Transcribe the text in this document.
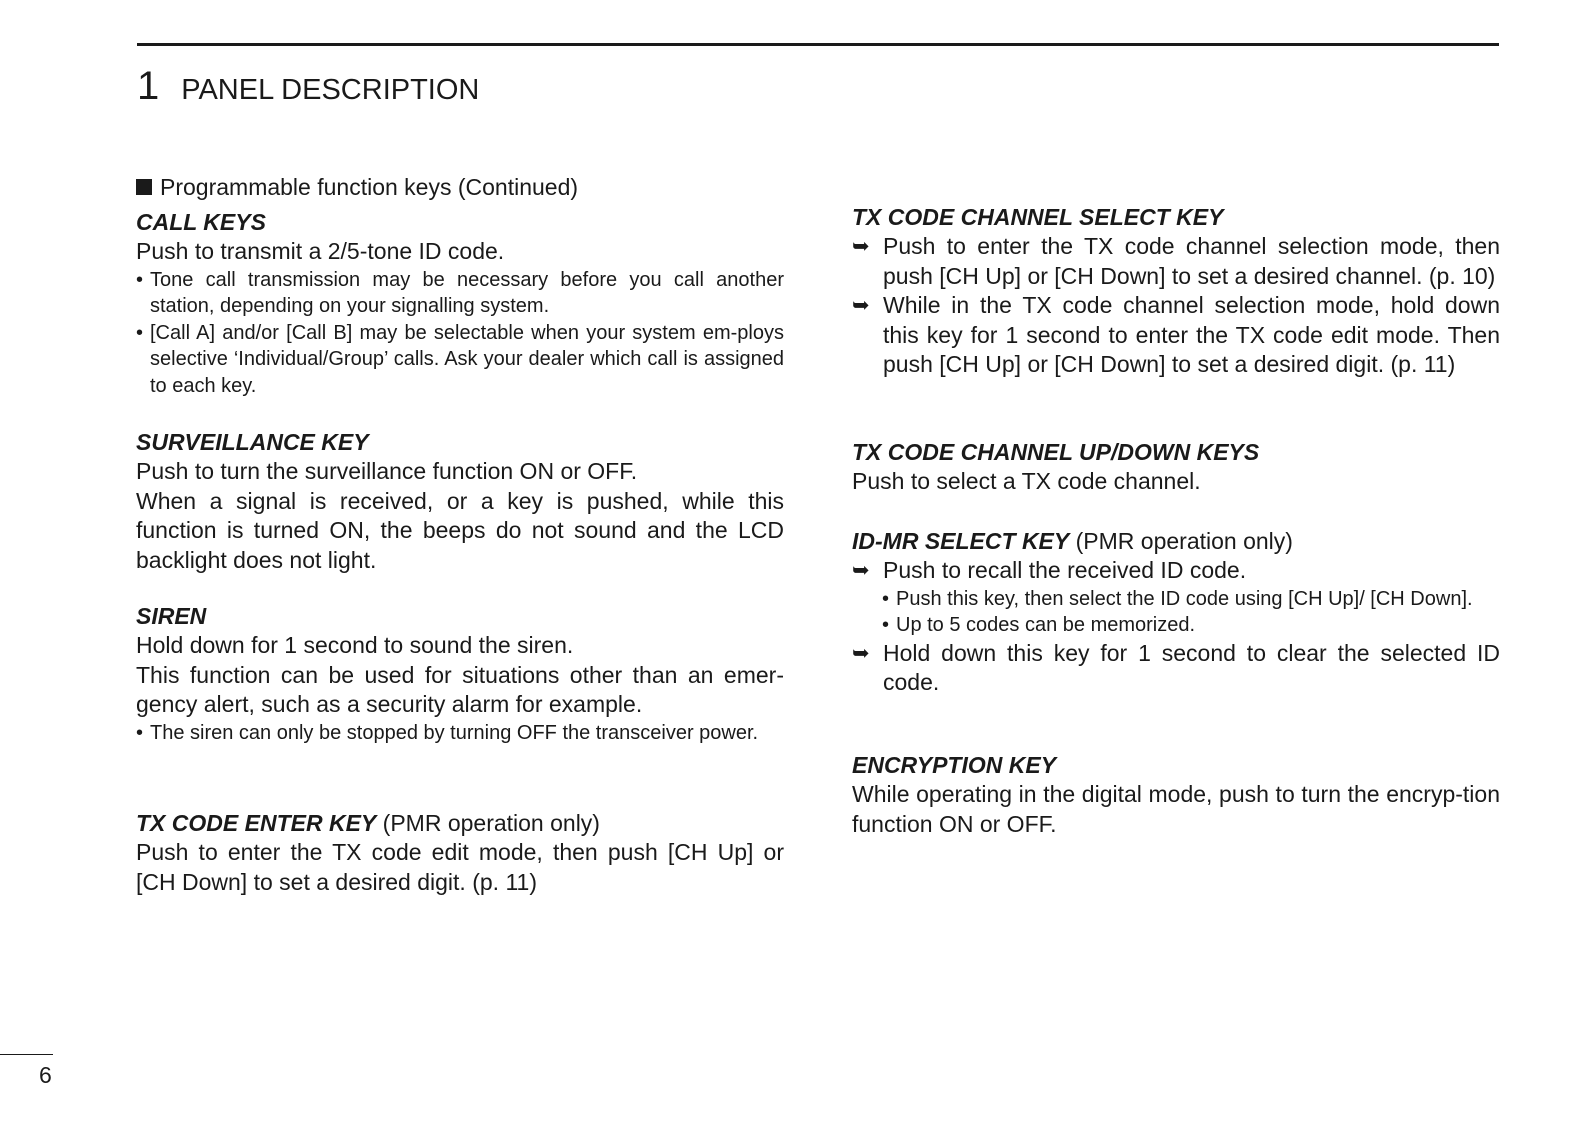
1 PANEL DESCRIPTION
Programmable function keys (Continued)
CALL KEYS
Push to transmit a 2/5-tone ID code.
• Tone call transmission may be necessary before you call another station, depending on your signalling system.
• [Call A] and/or [Call B] may be selectable when your system em-ploys selective ‘Individual/Group’ calls. Ask your dealer which call is assigned to each key.
SURVEILLANCE KEY
Push to turn the surveillance function ON or OFF.
When a signal is received, or a key is pushed, while this function is turned ON, the beeps do not sound and the LCD backlight does not light.
SIREN
Hold down for 1 second to sound the siren.
This function can be used for situations other than an emer-gency alert, such as a security alarm for example.
• The siren can only be stopped by turning OFF the transceiver power.
TX CODE ENTER KEY (PMR operation only)
Push to enter the TX code edit mode, then push [CH Up] or [CH Down] to set a desired digit. (p. 11)
TX CODE CHANNEL SELECT KEY
➥ Push to enter the TX code channel selection mode, then push [CH Up] or [CH Down] to set a desired channel. (p. 10)
➥ While in the TX code channel selection mode, hold down this key for 1 second to enter the TX code edit mode. Then push [CH Up] or [CH Down] to set a desired digit. (p. 11)
TX CODE CHANNEL UP/DOWN KEYS
Push to select a TX code channel.
ID-MR SELECT KEY (PMR operation only)
➥ Push to recall the received ID code.
• Push this key, then select the ID code using [CH Up]/ [CH Down].
• Up to 5 codes can be memorized.
➥ Hold down this key for 1 second to clear the selected ID code.
ENCRYPTION KEY
While operating in the digital mode, push to turn the encryp-tion function ON or OFF.
6
